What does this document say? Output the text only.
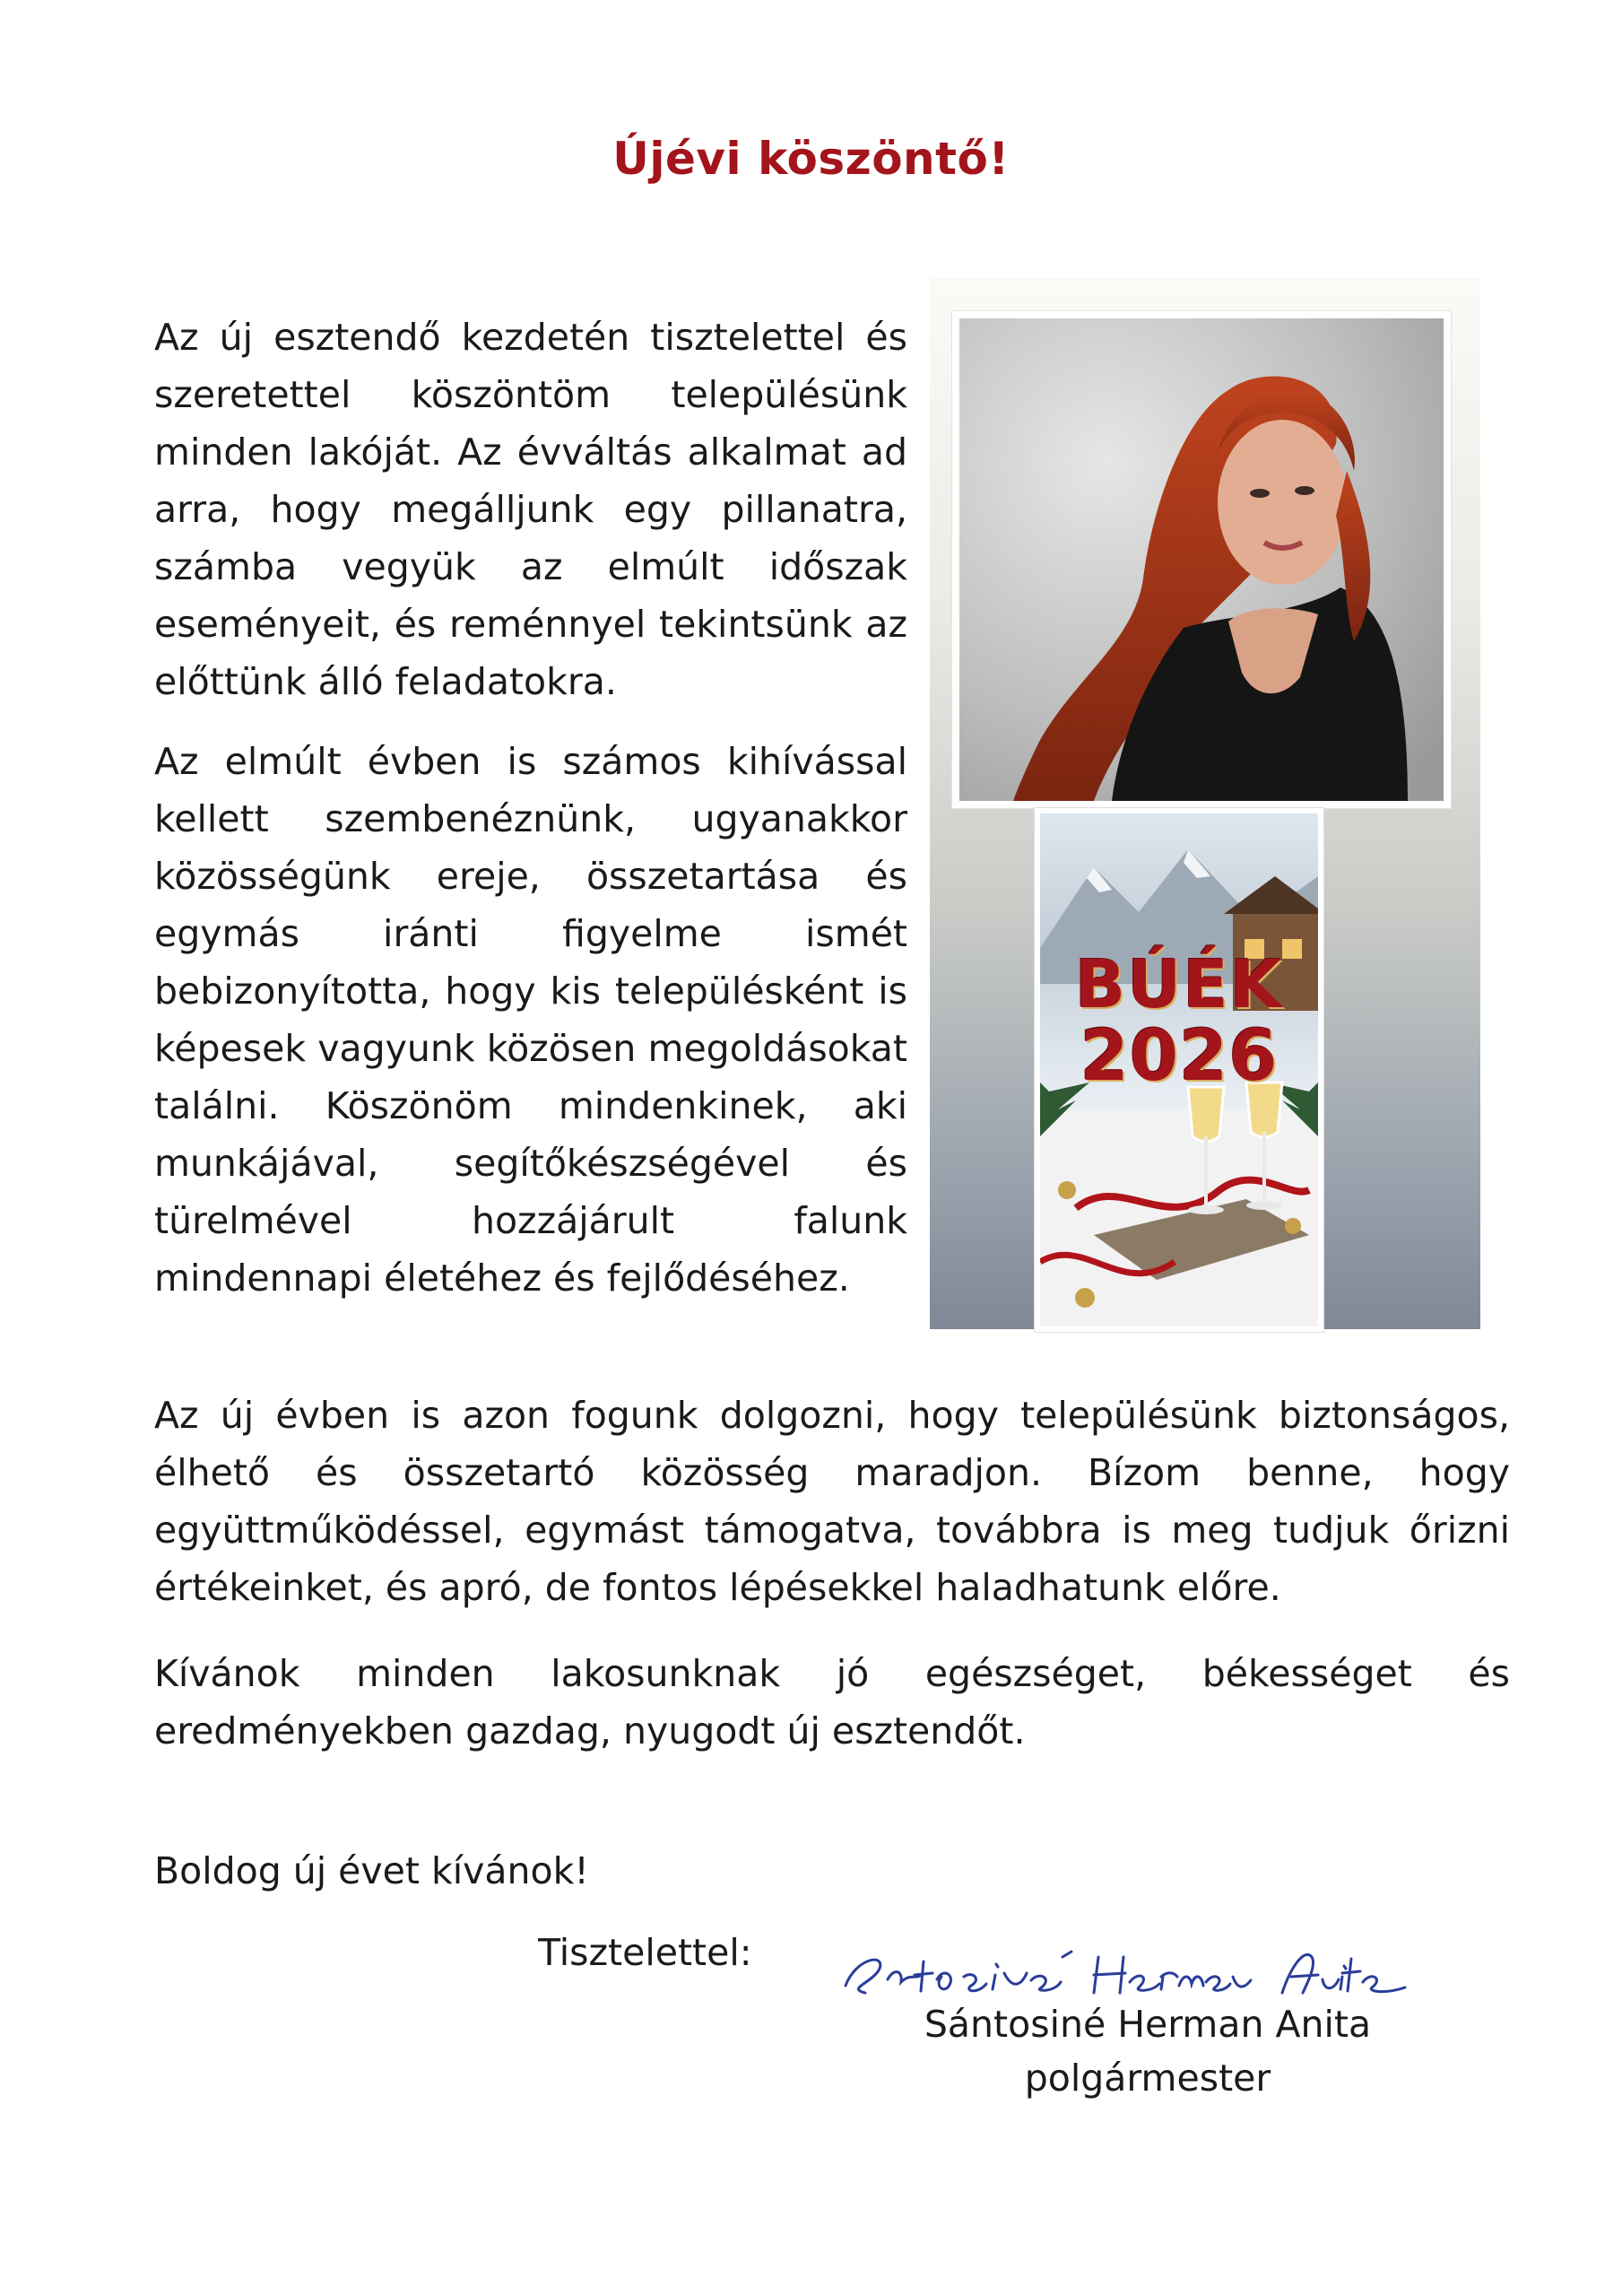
Újévi köszöntő!

Az új esztendő kezdetén tisztelettel és szeretettel köszöntöm településünk minden lakóját. Az évváltás alkalmat ad arra, hogy megálljunk egy pillanatra, számba vegyük az elmúlt időszak eseményeit, és reménnyel tekintsünk az előttünk álló feladatokra.

Az elmúlt évben is számos kihívással kellett szembenéznünk, ugyanakkor közösségünk ereje, összetartása és egymás iránti figyelme ismét bebizonyította, hogy kis településként is képesek vagyunk közösen megoldásokat találni. Köszönöm mindenkinek, aki munkájával, segítőkészségével és türelmével hozzájárult falunk mindennapi életéhez és fejlődéséhez.

Az új évben is azon fogunk dolgozni, hogy településünk biztonságos, élhető és összetartó közösség maradjon. Bízom benne, hogy együttműködéssel, egymást támogatva, továbbra is meg tudjuk őrizni értékeinket, és apró, de fontos lépésekkel haladhatunk előre.

Kívánok minden lakosunknak jó egészséget, békességet és eredményekben gazdag, nyugodt új esztendőt.

BÚÉK
2026
Boldog új évet kívánok!
Tisztelettel:
Sántosiné Herman Anita
polgármester
